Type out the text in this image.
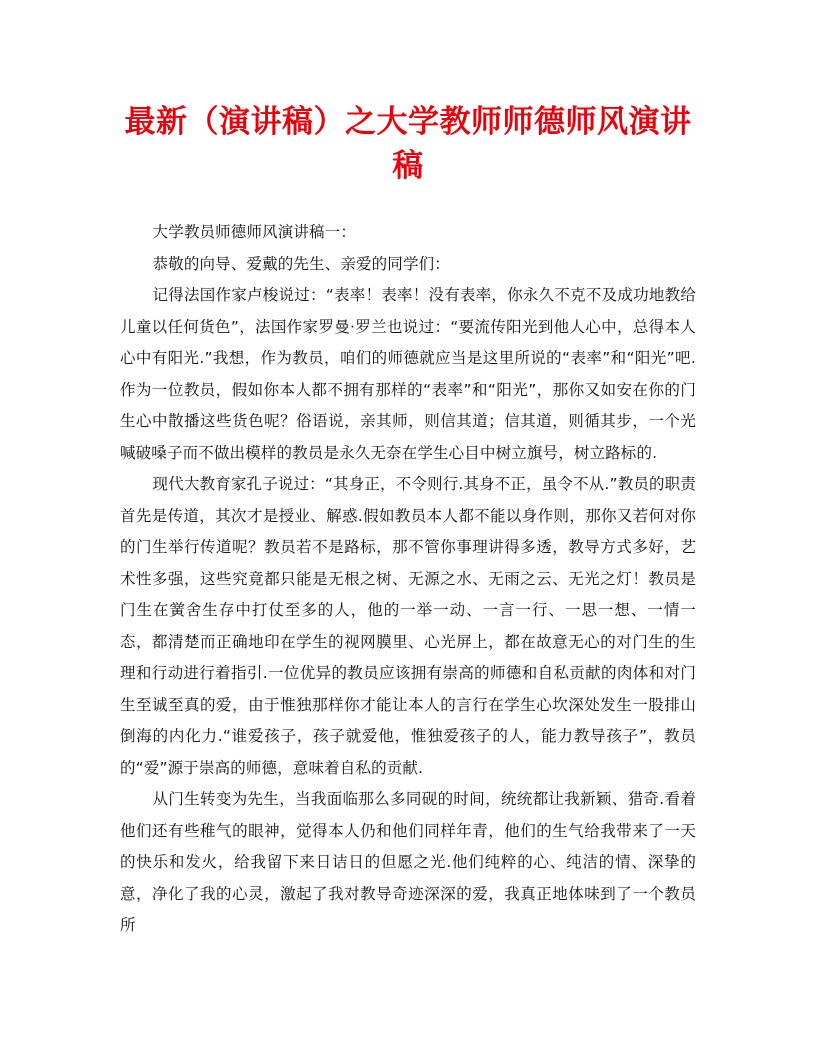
最新（演讲稿）之大学教师师德师风演讲稿

大学教员师德师风演讲稿一：

恭敬的向导、爱戴的先生、亲爱的同学们：

记得法国作家卢梭说过：“表率！表率！没有表率，你永久不克不及成功地教给儿童以任何货色”，法国作家罗曼·罗兰也说过：“要流传阳光到他人心中，总得本人心中有阳光.”我想，作为教员，咱们的师德就应当是这里所说的“表率”和“阳光”吧.作为一位教员，假如你本人都不拥有那样的“表率”和“阳光”，那你又如安在你的门生心中散播这些货色呢？俗语说，亲其师，则信其道；信其道，则循其步，一个光喊破嗓子而不做出模样的教员是永久无奈在学生心目中树立旗号，树立路标的.

现代大教育家孔子说过：“其身正，不令则行.其身不正，虽令不从.”教员的职责首先是传道，其次才是授业、解惑.假如教员本人都不能以身作则，那你又若何对你的门生举行传道呢？教员若不是路标，那不管你事理讲得多透，教导方式多好，艺术性多强，这些究竟都只能是无根之树、无源之水、无雨之云、无光之灯！教员是门生在黉舍生存中打仗至多的人，他的一举一动、一言一行、一思一想、一情一态，都清楚而正确地印在学生的视网膜里、心光屏上，都在故意无心的对门生的生理和行动进行着指引.一位优异的教员应该拥有崇高的师德和自私贡献的肉体和对门生至诚至真的爱，由于惟独那样你才能让本人的言行在学生心坎深处发生一股排山倒海的内化力.“谁爱孩子，孩子就爱他，惟独爱孩子的人，能力教导孩子”，教员的“爱”源于崇高的师德，意味着自私的贡献.

从门生转变为先生，当我面临那么多同砚的时间，统统都让我新颖、猎奇.看着他们还有些稚气的眼神，觉得本人仍和他们同样年青，他们的生气给我带来了一天的快乐和发火，给我留下来日诘日的但愿之光.他们纯粹的心、纯洁的情、深挚的意，净化了我的心灵，激起了我对教导奇迹深深的爱，我真正地体味到了一个教员所
